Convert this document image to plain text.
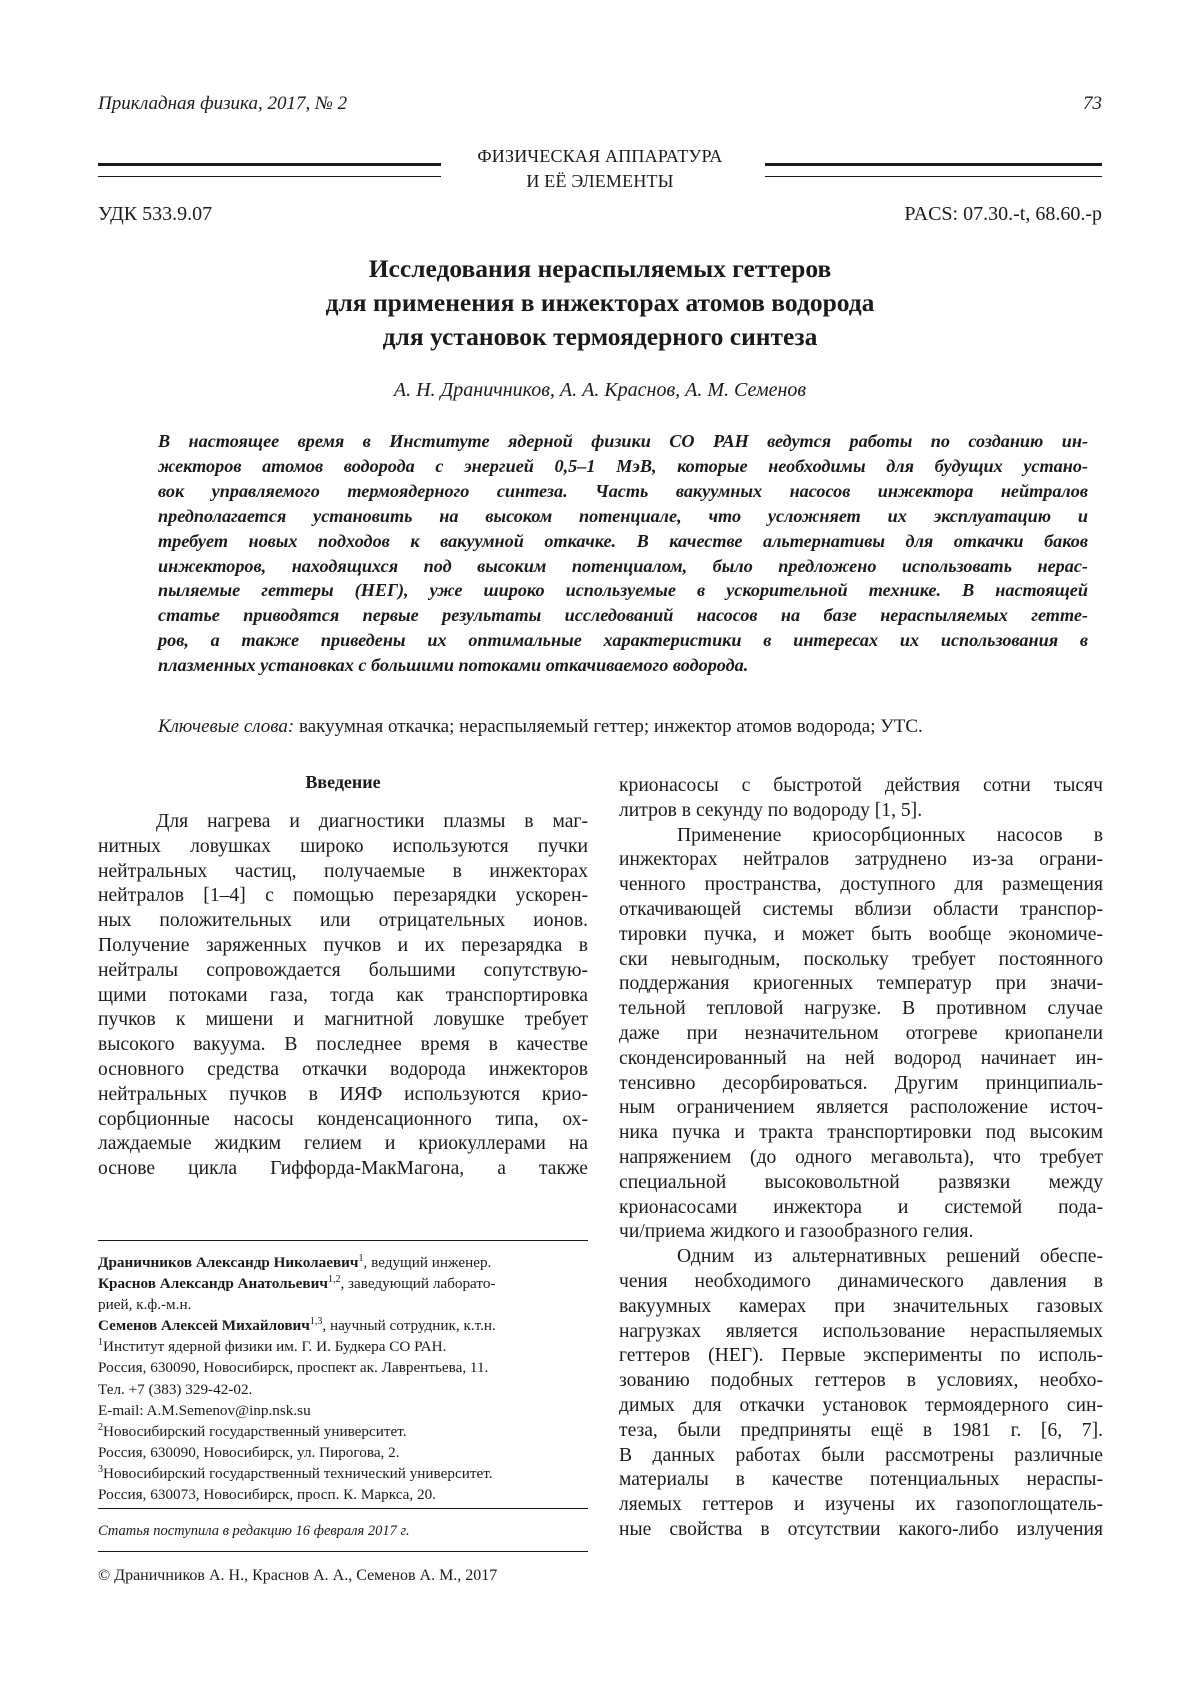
Прикладная физика, 2017, № 2	73
ФИЗИЧЕСКАЯ АППАРАТУРА
И ЕЁ ЭЛЕМЕНТЫ
УДК 533.9.07	PACS: 07.30.-t, 68.60.-p
Исследования нераспыляемых геттеров
для применения в инжекторах атомов водорода
для установок термоядерного синтеза
А. Н. Драничников, А. А. Краснов, А. М. Семенов
В настоящее время в Институте ядерной физики СО РАН ведутся работы по созданию ин-
жекторов атомов водорода с энергией 0,5–1 МэВ, которые необходимы для будущих устано-
вок управляемого термоядерного синтеза. Часть вакуумных насосов инжектора нейтралов
предполагается установить на высоком потенциале, что усложняет их эксплуатацию и
требует новых подходов к вакуумной откачке. В качестве альтернативы для откачки баков
инжекторов, находящихся под высоким потенциалом, было предложено использовать нерас-
пыляемые геттеры (НЕГ), уже широко используемые в ускорительной технике. В настоящей
статье приводятся первые результаты исследований насосов на базе нераспыляемых гетте-
ров, а также приведены их оптимальные характеристики в интересах их использования в
плазменных установках с большими потоками откачиваемого водорода.
Ключевые слова: вакуумная откачка; нераспыляемый геттер; инжектор атомов водорода; УТС.
Введение
Для нагрева и диагностики плазмы в маг-
нитных ловушках широко используются пучки
нейтральных частиц, получаемые в инжекторах
нейтралов [1–4] с помощью перезарядки ускорен-
ных положительных или отрицательных ионов.
Получение заряженных пучков и их перезарядка в
нейтралы сопровождается большими сопутствую-
щими потоками газа, тогда как транспортировка
пучков к мишени и магнитной ловушке требует
высокого вакуума. В последнее время в качестве
основного средства откачки водорода инжекторов
нейтральных пучков в ИЯФ используются крио-
сорбционные насосы конденсационного типа, ох-
лаждаемые жидким гелием и криокуллерами на
основе цикла Гиффорда-МакМагона, а также
Драничников Александр Николаевич$^1$, ведущий инженер.
Краснов Александр Анатольевич$^{1,2}$, заведующий лаборато-
рией, к.ф.-м.н.
Семенов Алексей Михайлович$^{1,3}$, научный сотрудник, к.т.н.
$^1$Институт ядерной физики им. Г. И. Будкера СО РАН.
Россия, 630090, Новосибирск, проспект ак. Лаврентьева, 11.
Тел. +7 (383) 329-42-02.
E-mail: A.M.Semenov@inp.nsk.su
$^2$Новосибирский государственный университет.
Россия, 630090, Новосибирск, ул. Пирогова, 2.
$^3$Новосибирский государственный технический университет.
Россия, 630073, Новосибирск, просп. К. Маркса, 20.
Статья поступила в редакцию 16 февраля 2017 г.
© Драничников А. Н., Краснов А. А., Семенов А. М., 2017
крионасосы с быстротой действия сотни тысяч
литров в секунду по водороду [1, 5].
Применение криосорбционных насосов в
инжекторах нейтралов затруднено из-за ограни-
ченного пространства, доступного для размещения
откачивающей системы вблизи области транспор-
тировки пучка, и может быть вообще экономиче-
ски невыгодным, поскольку требует постоянного
поддержания криогенных температур при значи-
тельной тепловой нагрузке. В противном случае
даже при незначительном отогреве криопанели
сконденсированный на ней водород начинает ин-
тенсивно десорбироваться. Другим принципиаль-
ным ограничением является расположение источ-
ника пучка и тракта транспортировки под высоким
напряжением (до одного мегавольта), что требует
специальной высоковольтной развязки между
крионасосами инжектора и системой пода-
чи/приема жидкого и газообразного гелия.
Одним из альтернативных решений обеспе-
чения необходимого динамического давления в
вакуумных камерах при значительных газовых
нагрузках является использование нераспыляемых
геттеров (НЕГ). Первые эксперименты по исполь-
зованию подобных геттеров в условиях, необхо-
димых для откачки установок термоядерного син-
теза, были предприняты ещё в 1981 г. [6, 7].
В данных работах были рассмотрены различные
материалы в качестве потенциальных нераспы-
ляемых геттеров и изучены их газопоглощатель-
ные свойства в отсутствии какого-либо излучения
